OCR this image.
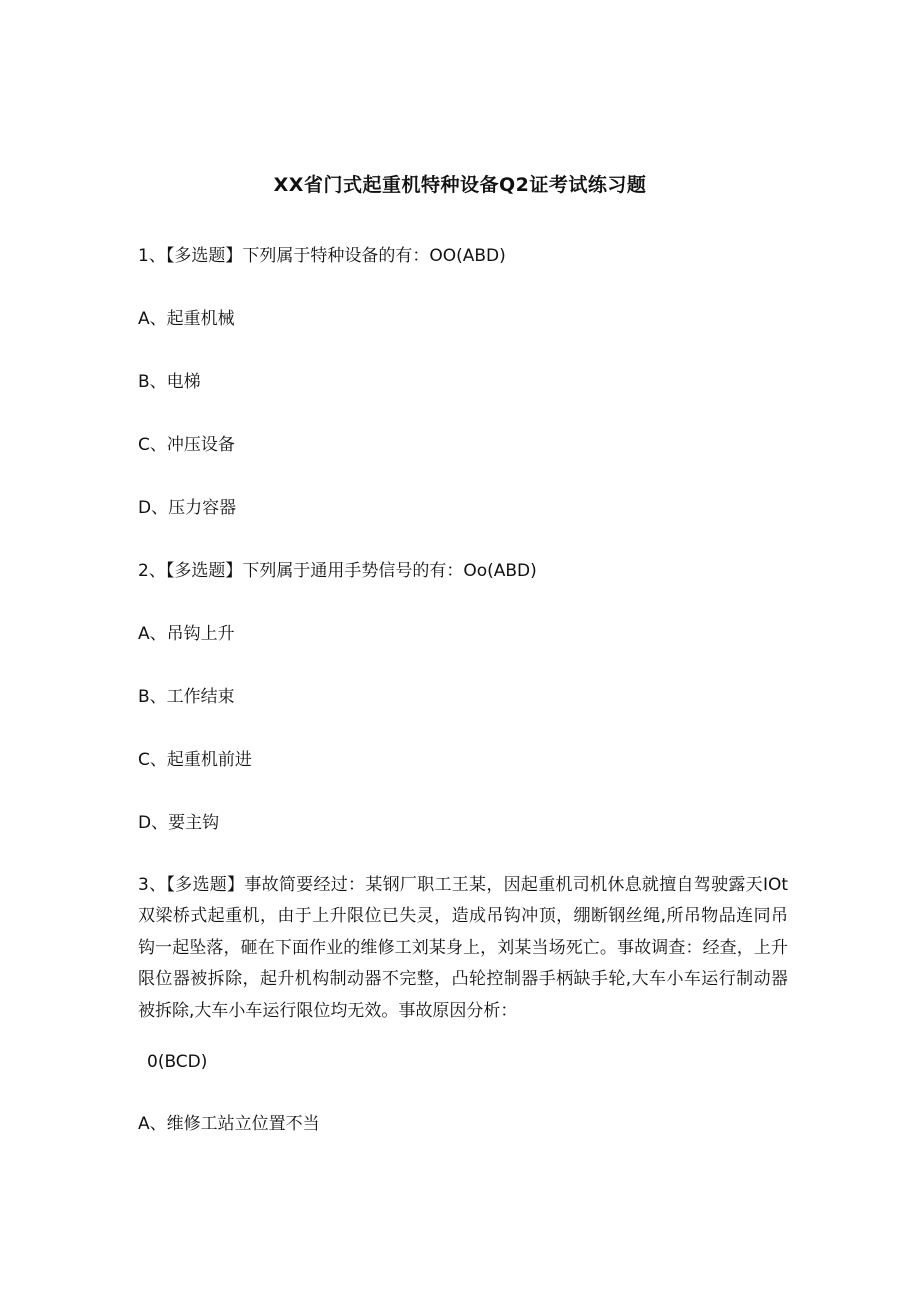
XX省门式起重机特种设备Q2证考试练习题
1、【多选题】下列属于特种设备的有：OO(ABD)
A、起重机械
B、电梯
C、冲压设备
D、压力容器
2、【多选题】下列属于通用手势信号的有：Oo(ABD)
A、吊钩上升
B、工作结束
C、起重机前进
D、要主钩
3、【多选题】事故简要经过：某钢厂职工王某，因起重机司机休息就擅自驾驶露天IOt双梁桥式起重机，由于上升限位已失灵，造成吊钩冲顶，绷断钢丝绳,所吊物品连同吊钩一起坠落，砸在下面作业的维修工刘某身上，刘某当场死亡。事故调查：经查，上升限位器被拆除，起升机构制动器不完整，凸轮控制器手柄缺手轮,大车小车运行制动器被拆除,大车小车运行限位均无效。事故原因分析：
0(BCD)
A、维修工站立位置不当
